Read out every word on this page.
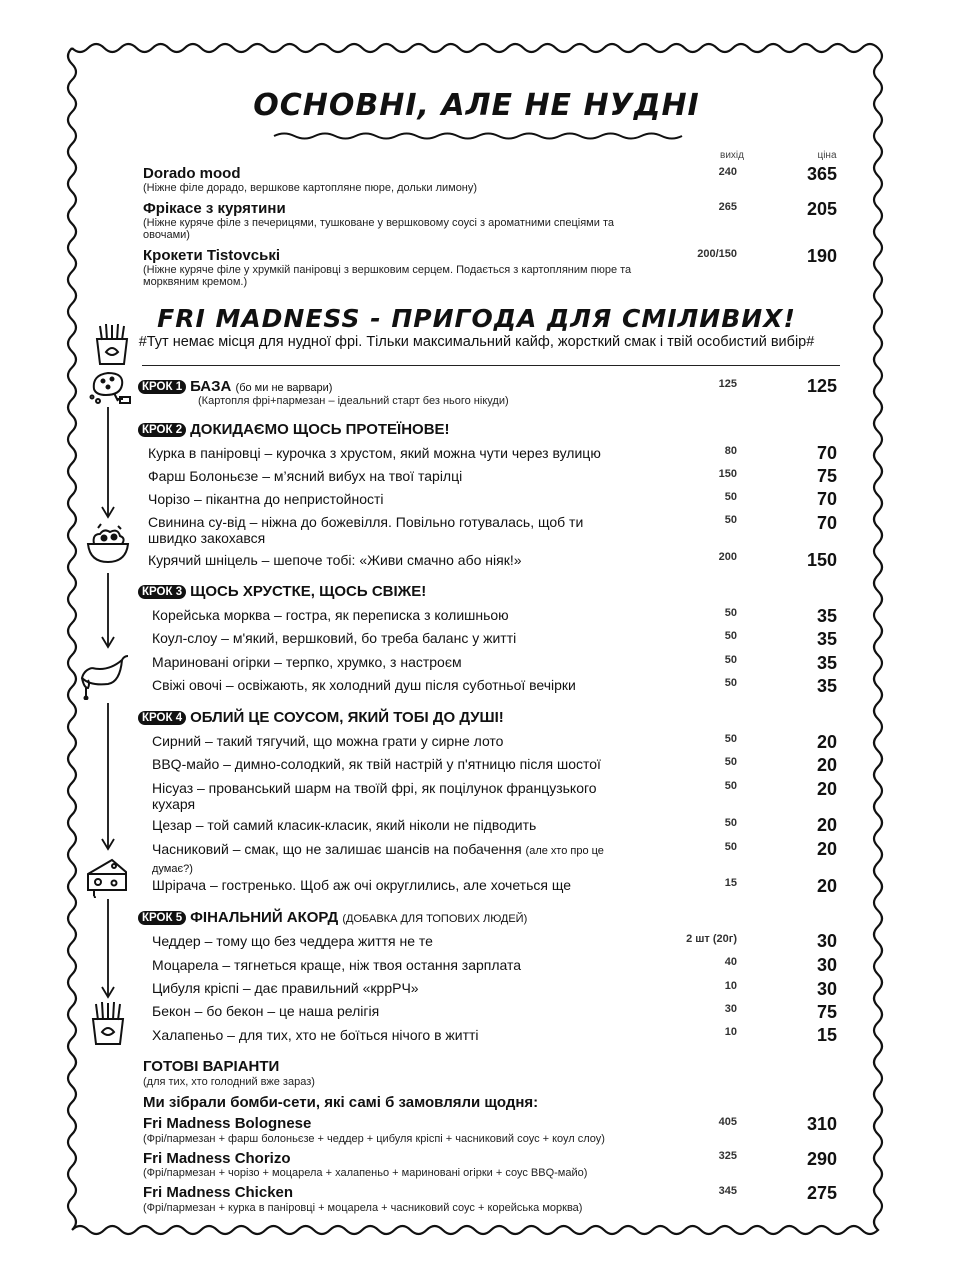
ОСНОВНІ, АЛЕ НЕ НУДНІ
вихід	ціна
Dorado mood
(Ніжне філе дорадо, вершкове картопляне пюре, дольки лимону)
240	365
Фрікасе з курятини
(Ніжне куряче філе з печерицями, тушковане у вершковому соусі з ароматними спеціями та овочами)
265	205
Крокети Tistovські
(Ніжне куряче філе у хрумкій паніровці з вершковим серцем. Подається з картопляним пюре та морквяним кремом.)
200/150	190
FRI MADNESS - ПРИГОДА ДЛЯ СМІЛИВИХ!
#Тут немає місця для нудної фрі. Тільки максимальний кайф, жорсткий смак і твій особистий вибір#
КРОК 1 БАЗА (бо ми не варвари)
(Картопля фрі+пармезан – ідеальний старт без нього нікуди)
125	125
КРОК 2 ДОКИДАЄМО ЩОСЬ ПРОТЕЇНОВЕ!
Курка в паніровці – курочка з хрустом, який можна чути через вулицю	80	70
Фарш Болоньєзе – м’ясний вибух на твої тарілці	150	75
Чорізо – пікантна до непристойності	50	70
Свинина су-від – ніжна до божевілля. Повільно готувалась, щоб ти швидко закохався
50	70
Курячий шніцель – шепоче тобі: «Живи смачно або ніяк!»	200	150
КРОК 3 ЩОСЬ ХРУСТКЕ, ЩОСЬ СВІЖЕ!
Корейська морква – гостра, як переписка з колишньою	50	35
Коул-слоу – м'який, вершковий, бо треба баланс у житті	50	35
Мариновані огірки – терпко, хрумко, з настроєм	50	35
Свіжі овочі – освіжають, як холодний душ після суботньої вечірки	50	35
КРОК 4 ОБЛИЙ ЦЕ СОУСОМ, ЯКИЙ ТОБІ ДО ДУШІ!
Сирний – такий тягучий, що можна грати у сирне лото	50	20
BBQ-майо – димно-солодкий, як твій настрій у п'ятницю після шостої	50	20
Нісуаз – прованський шарм на твоїй фрі, як поцілунок французького кухаря
50	20
Цезар – той самий класик-класик, який ніколи не підводить	50	20
Часниковий – смак, що не залишає шансів на побачення (але хто про це думає?)
50	20
Шрірача – гостренько. Щоб аж очі округлились, але хочеться ще	15	20
КРОК 5 ФІНАЛЬНИЙ АКОРД (ДОБАВКА ДЛЯ ТОПОВИХ ЛЮДЕЙ)
Чеддер – тому що без чеддера життя не те	2 шт (20г)	30
Моцарела – тягнеться краще, ніж твоя остання зарплата	40	30
Цибуля кріспі – дає правильний «кррРЧ»	10	30
Бекон – бо бекон – це наша релігія	30	75
Халапеньо – для тих, хто не боїться нічого в житті	10	15
ГОТОВІ ВАРІАНТИ
(для тих, хто голодний вже зараз)
Ми зібрали бомби-сети, які самі б замовляли щодня:
Fri Madness Bolognese
(Фрі/пармезан + фарш болоньєзе + чеддер + цибуля кріспі + часниковий соус + коул слоу)
405	310
Fri Madness Chorizo
(Фрі/пармезан + чорізо + моцарела + халапеньо + мариновані огірки + соус BBQ-майо)
325	290
Fri Madness Chicken
(Фрі/пармезан + курка в паніровці + моцарела + часниковий соус + корейська морква)
345	275
